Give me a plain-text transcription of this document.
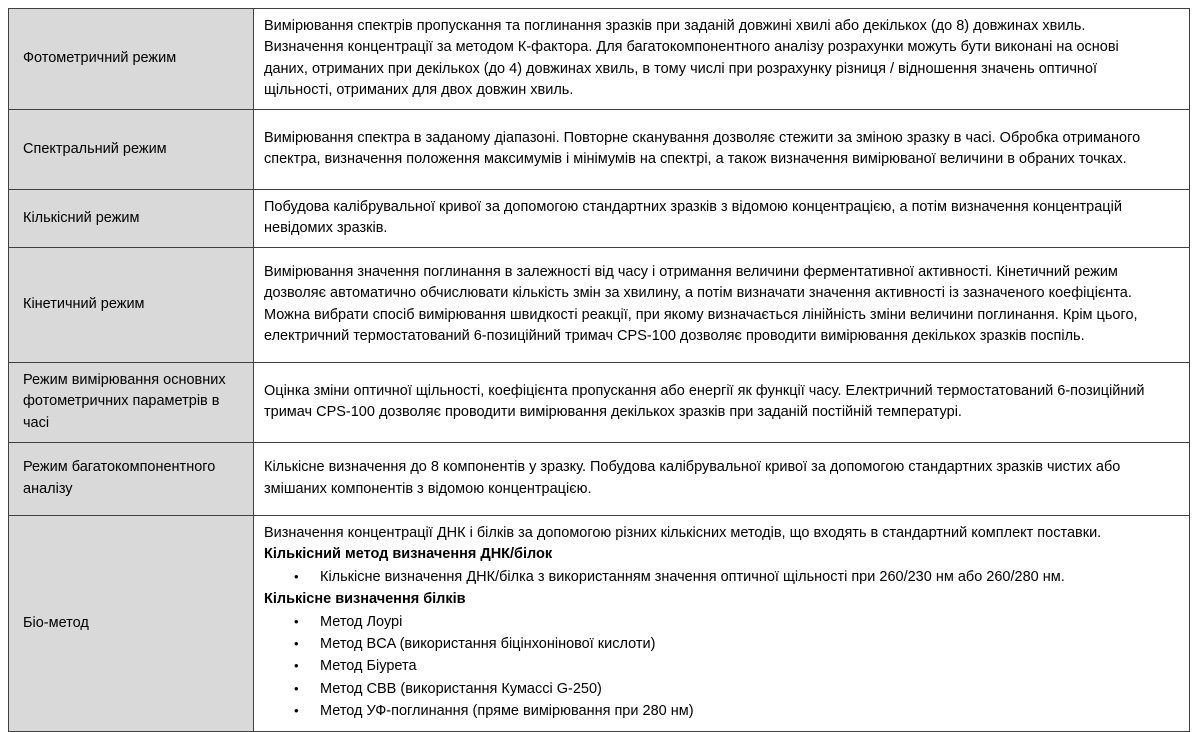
Фотометричний режим	Вимірювання спектрів пропускання та поглинання зразків при заданій довжині хвилі або декількох (до 8) довжинах хвиль. Визначення концентрації за методом К-фактора. Для багатокомпонентного аналізу розрахунки можуть бути виконані на основі даних, отриманих при декількох (до 4) довжинах хвиль, в тому числі при розрахунку різниця / відношення значень оптичної щільності, отриманих для двох довжин хвиль.

Спектральний режим	Вимірювання спектра в заданому діапазоні. Повторне сканування дозволяє стежити за зміною зразку в часі. Обробка отриманого спектра, визначення положення максимумів і мінімумів на спектрі, а також визначення вимірюваної величини в обраних точках.

Кількісний режим	Побудова калібрувальної кривої за допомогою стандартних зразків з відомою концентрацією, а потім визначення концентрацій невідомих зразків.

Кінетичний режим	Вимірювання значення поглинання в залежності від часу і отримання величини ферментативної активності. Кінетичний режим дозволяє автоматично обчислювати кількість змін за хвилину, а потім визначати значення активності із зазначеного коефіцієнта. Можна вибрати спосіб вимірювання швидкості реакції, при якому визначається лінійність зміни величини поглинання. Крім цього, електричний термостатований 6-позиційний тримач CPS-100 дозволяє проводити вимірювання декількох зразків поспіль.

Режим вимірювання основних фотометричних параметрів в часі	Оцінка зміни оптичної щільності, коефіцієнта пропускання або енергії як функції часу. Електричний термостатований 6-позиційний тримач CPS-100 дозволяє проводити вимірювання декількох зразків при заданій постійній температурі.

Режим багатокомпонентного аналізу	Кількісне визначення до 8 компонентів у зразку. Побудова калібрувальної кривої за допомогою стандартних зразків чистих або змішаних компонентів з відомою концентрацією.

Біо-метод	
Визначення концентрації ДНК і білків за допомогою різних кількісних методів, що входять в стандартний комплект поставки.
Кількісний метод визначення ДНК/білок
•	Кількісне визначення ДНК/білка з використанням значення оптичної щільності при 260/230 нм або 260/280 нм.
Кількісне визначення білків
•	Метод Лоурі
•	Метод BCA (використання біцінхонінової кислоти)
•	Метод Біурета
•	Метод CBB (використання Кумассі G-250)
•	Метод УФ-поглинання (пряме вимірювання при 280 нм)
